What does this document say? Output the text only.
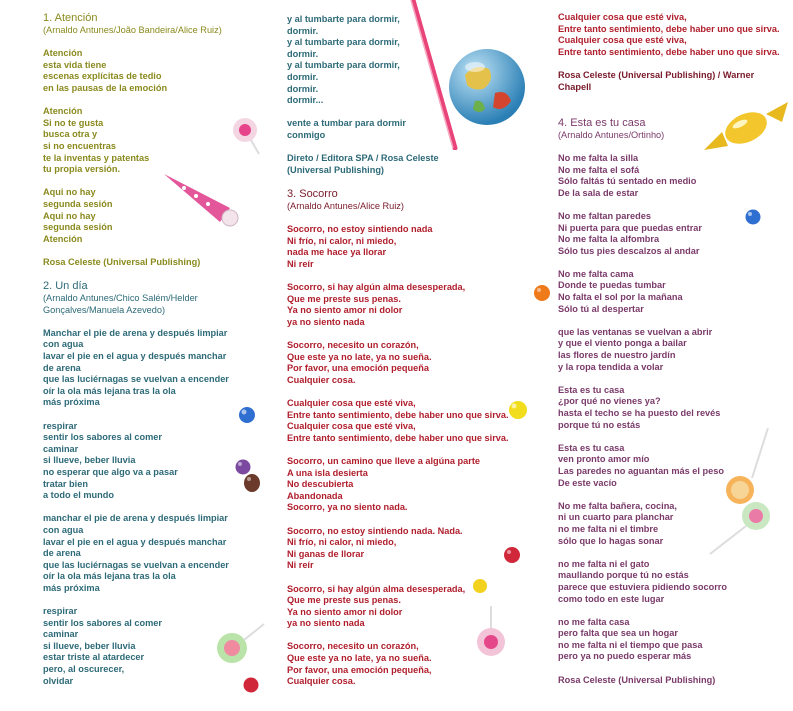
1. Atención

(Arnaldo Antunes/João Bandeira/Alice Ruiz)
Atención
esta vida tiene
escenas explícitas de tedio
en las pausas de la emoción
Atención
Si no te gusta
busca otra y
si no encuentras
te la inventas y patentas
tu propia versión.
Aqui no hay
segunda sesión
Aqui no hay
segunda sesión
Atención
Rosa Celeste (Universal Publishing)

2. Un día

(Arnaldo Antunes/Chico Salém/Helder Gonçalves/Manuela Azevedo)
Manchar el pie de arena y después limpiar
con agua
lavar el pie en el agua y después manchar
de arena
que las luciérnagas se vuelvan a encender
oír la ola más lejana tras la ola
más próxima
respirar
sentir los sabores al comer
caminar
si llueve, beber lluvia
no esperar que algo va a pasar
tratar bien
a todo el mundo
manchar el pie de arena y después limpiar
con agua
lavar el pie en el agua y después manchar
de arena
que las luciérnagas se vuelvan a encender
oír la ola más lejana tras la ola
más próxima
respirar
sentir los sabores al comer
caminar
si llueve, beber lluvia
estar triste al atardecer
pero, al oscurecer,
olvidar
y al tumbarte para dormir,
dormir.
y al tumbarte para dormir,
dormir.
y al tumbarte para dormir,
dormir.
dormir.
dormir...
vente a tumbar para dormir
conmigo
Direto / Editora SPA / Rosa Celeste
(Universal Publishing)

3. Socorro

(Arnaldo Antunes/Alice Ruiz)
Socorro, no estoy sintiendo nada
Ni frío, ni calor, ni miedo,
nada me hace ya llorar
Ni reír
Socorro, si hay algún alma desesperada,
Que me preste sus penas.
Ya no siento amor ni dolor
ya no siento nada
Socorro, necesito un corazón,
Que este ya no late, ya no sueña.
Por favor, una emoción pequeña
Cualquier cosa.
Cualquier cosa que esté viva,
Entre tanto sentimiento, debe haber uno que sirva.
Cualquier cosa que esté viva,
Entre tanto sentimiento, debe haber uno que sirva.
Socorro, un camino que lleve a algúna parte
A una isla desierta
No descubierta
Abandonada
Socorro, ya no siento nada.
Socorro, no estoy sintiendo nada. Nada.
Ni frío, ni calor, ni miedo,
Ni ganas de llorar
Ni reír
Socorro, si hay algún alma desesperada,
Que me preste sus penas.
Ya no siento amor ni dolor
ya no siento nada
Socorro, necesito un corazón,
Que este ya no late, ya no sueña.
Por favor, una emoción pequeña,
Cualquier cosa.
Cualquier cosa que esté viva,
Entre tanto sentimiento, debe haber uno que sirva.
Cualquier cosa que esté viva,
Entre tanto sentimiento, debe haber uno que sirva.
Rosa Celeste (Universal Publishing) / Warner
Chapell

4. Esta es tu casa

(Arnaldo Antunes/Ortinho)
No me falta la silla
No me falta el sofá
Sólo faltás tú sentado en medio
De la sala de estar
No me faltan paredes
Ni puerta para que puedas entrar
No me falta la alfombra
Sólo tus pies descalzos al andar
No me falta cama
Donde te puedas tumbar
No falta el sol por la mañana
Sólo tú al despertar
que las ventanas se vuelvan a abrir
y que el viento ponga a bailar
las flores de nuestro jardín
y la ropa tendida a volar
Esta es tu casa
¿por qué no vienes ya?
hasta el techo se ha puesto del revés
porque tú no estás
Esta es tu casa
ven pronto amor mío
Las paredes no aguantan más el peso
De este vacío
No me falta bañera, cocina,
ni un cuarto para planchar
no me falta ni el timbre
sólo que lo hagas sonar
no me falta ni el gato
maullando porque tú no estás
parece que estuviera pidiendo socorro
como todo en este lugar
no me falta casa
pero falta que sea un hogar
no me falta ni el tiempo que pasa
pero ya no puedo esperar más
Rosa Celeste (Universal Publishing)
